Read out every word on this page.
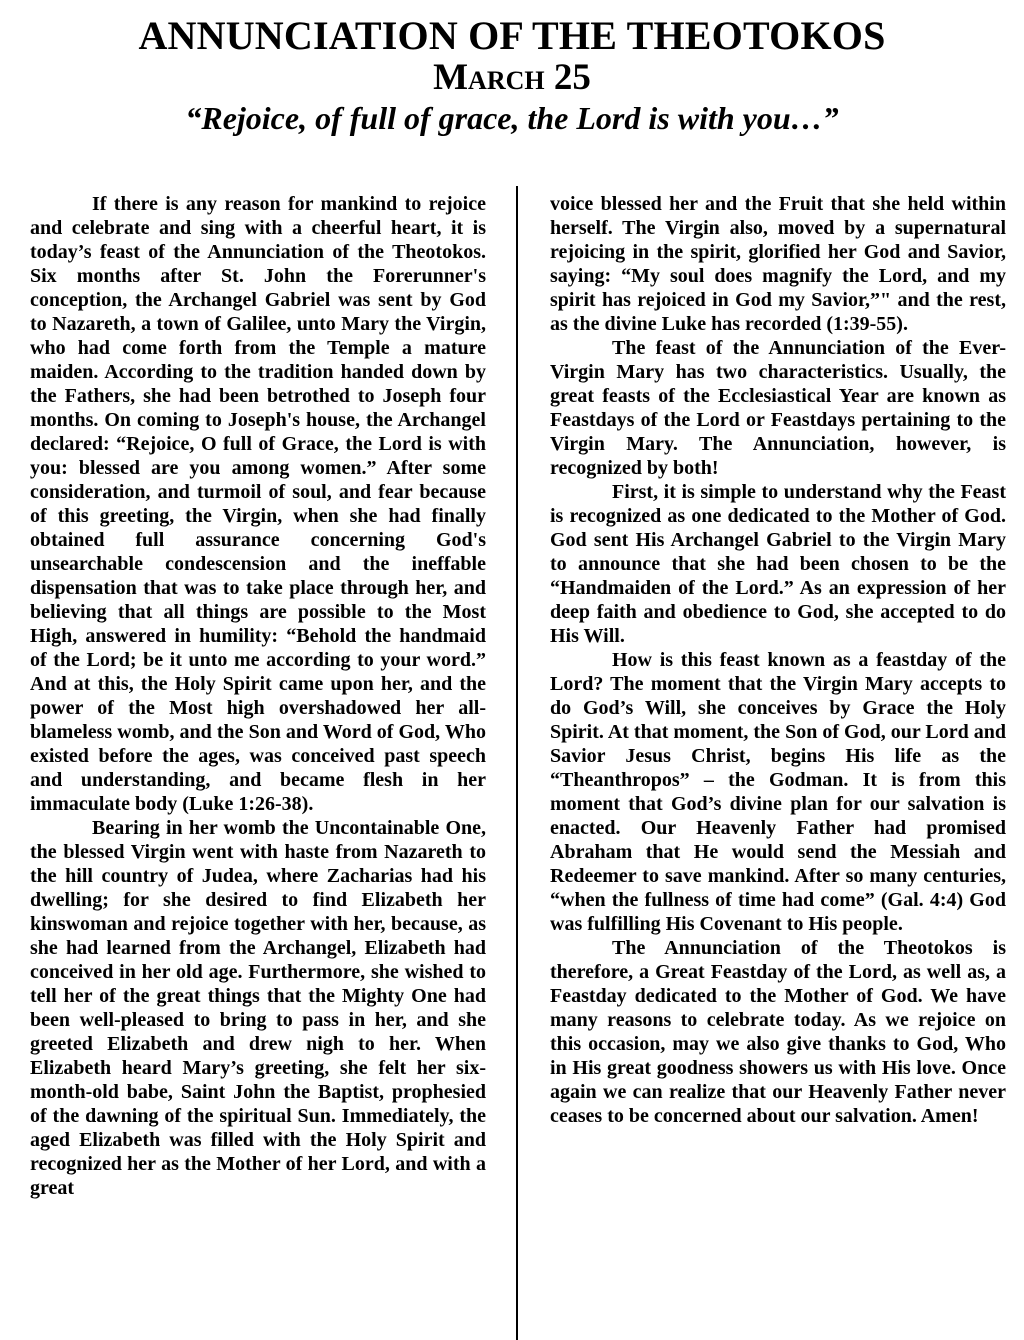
ANNUNCIATION OF THE THEOTOKOS
March 25
“Rejoice, of full of grace, the Lord is with you…”

If there is any reason for mankind to rejoice and celebrate and sing with a cheerful heart, it is today’s feast of the Annunciation of the Theotokos. Six months after St. John the Forerunner's conception, the Archangel Gabriel was sent by God to Nazareth, a town of Galilee, unto Mary the Virgin, who had come forth from the Temple a mature maiden. According to the tradition handed down by the Fathers, she had been betrothed to Joseph four months. On coming to Joseph's house, the Archangel declared: “Rejoice, O full of Grace, the Lord is with you: blessed are you among women.” After some consideration, and turmoil of soul, and fear because of this greeting, the Virgin, when she had finally obtained full assurance concerning God's unsearchable condescension and the ineffable dispensation that was to take place through her, and believing that all things are possible to the Most High, answered in humility: “Behold the handmaid of the Lord; be it unto me according to your word.” And at this, the Holy Spirit came upon her, and the power of the Most high overshadowed her all-blameless womb, and the Son and Word of God, Who existed before the ages, was conceived past speech and understanding, and became flesh in her immaculate body (Luke 1:26-38).

Bearing in her womb the Uncontainable One, the blessed Virgin went with haste from Nazareth to the hill country of Judea, where Zacharias had his dwelling; for she desired to find Elizabeth her kinswoman and rejoice together with her, because, as she had learned from the Archangel, Elizabeth had conceived in her old age. Furthermore, she wished to tell her of the great things that the Mighty One had been well-pleased to bring to pass in her, and she greeted Elizabeth and drew nigh to her. When Elizabeth heard Mary’s greeting, she felt her six-month-old babe, Saint John the Baptist, prophesied of the dawning of the spiritual Sun. Immediately, the aged Elizabeth was filled with the Holy Spirit and recognized her as the Mother of her Lord, and with a great

voice blessed her and the Fruit that she held within herself. The Virgin also, moved by a supernatural rejoicing in the spirit, glorified her God and Savior, saying: “My soul does magnify the Lord, and my spirit has rejoiced in God my Savior,”" and the rest, as the divine Luke has recorded (1:39-55).

The feast of the Annunciation of the Ever-Virgin Mary has two characteristics. Usually, the great feasts of the Ecclesiastical Year are known as Feastdays of the Lord or Feastdays pertaining to the Virgin Mary. The Annunciation, however, is recognized by both!

First, it is simple to understand why the Feast is recognized as one dedicated to the Mother of God. God sent His Archangel Gabriel to the Virgin Mary to announce that she had been chosen to be the “Handmaiden of the Lord.” As an expression of her deep faith and obedience to God, she accepted to do His Will.

How is this feast known as a feastday of the Lord? The moment that the Virgin Mary accepts to do God’s Will, she conceives by Grace the Holy Spirit. At that moment, the Son of God, our Lord and Savior Jesus Christ, begins His life as the “Theanthropos” – the Godman. It is from this moment that God’s divine plan for our salvation is enacted. Our Heavenly Father had promised Abraham that He would send the Messiah and Redeemer to save mankind. After so many centuries, “when the fullness of time had come” (Gal. 4:4) God was fulfilling His Covenant to His people.

The Annunciation of the Theotokos is therefore, a Great Feastday of the Lord, as well as, a Feastday dedicated to the Mother of God. We have many reasons to celebrate today. As we rejoice on this occasion, may we also give thanks to God, Who in His great goodness showers us with His love. Once again we can realize that our Heavenly Father never ceases to be concerned about our salvation. Amen!
